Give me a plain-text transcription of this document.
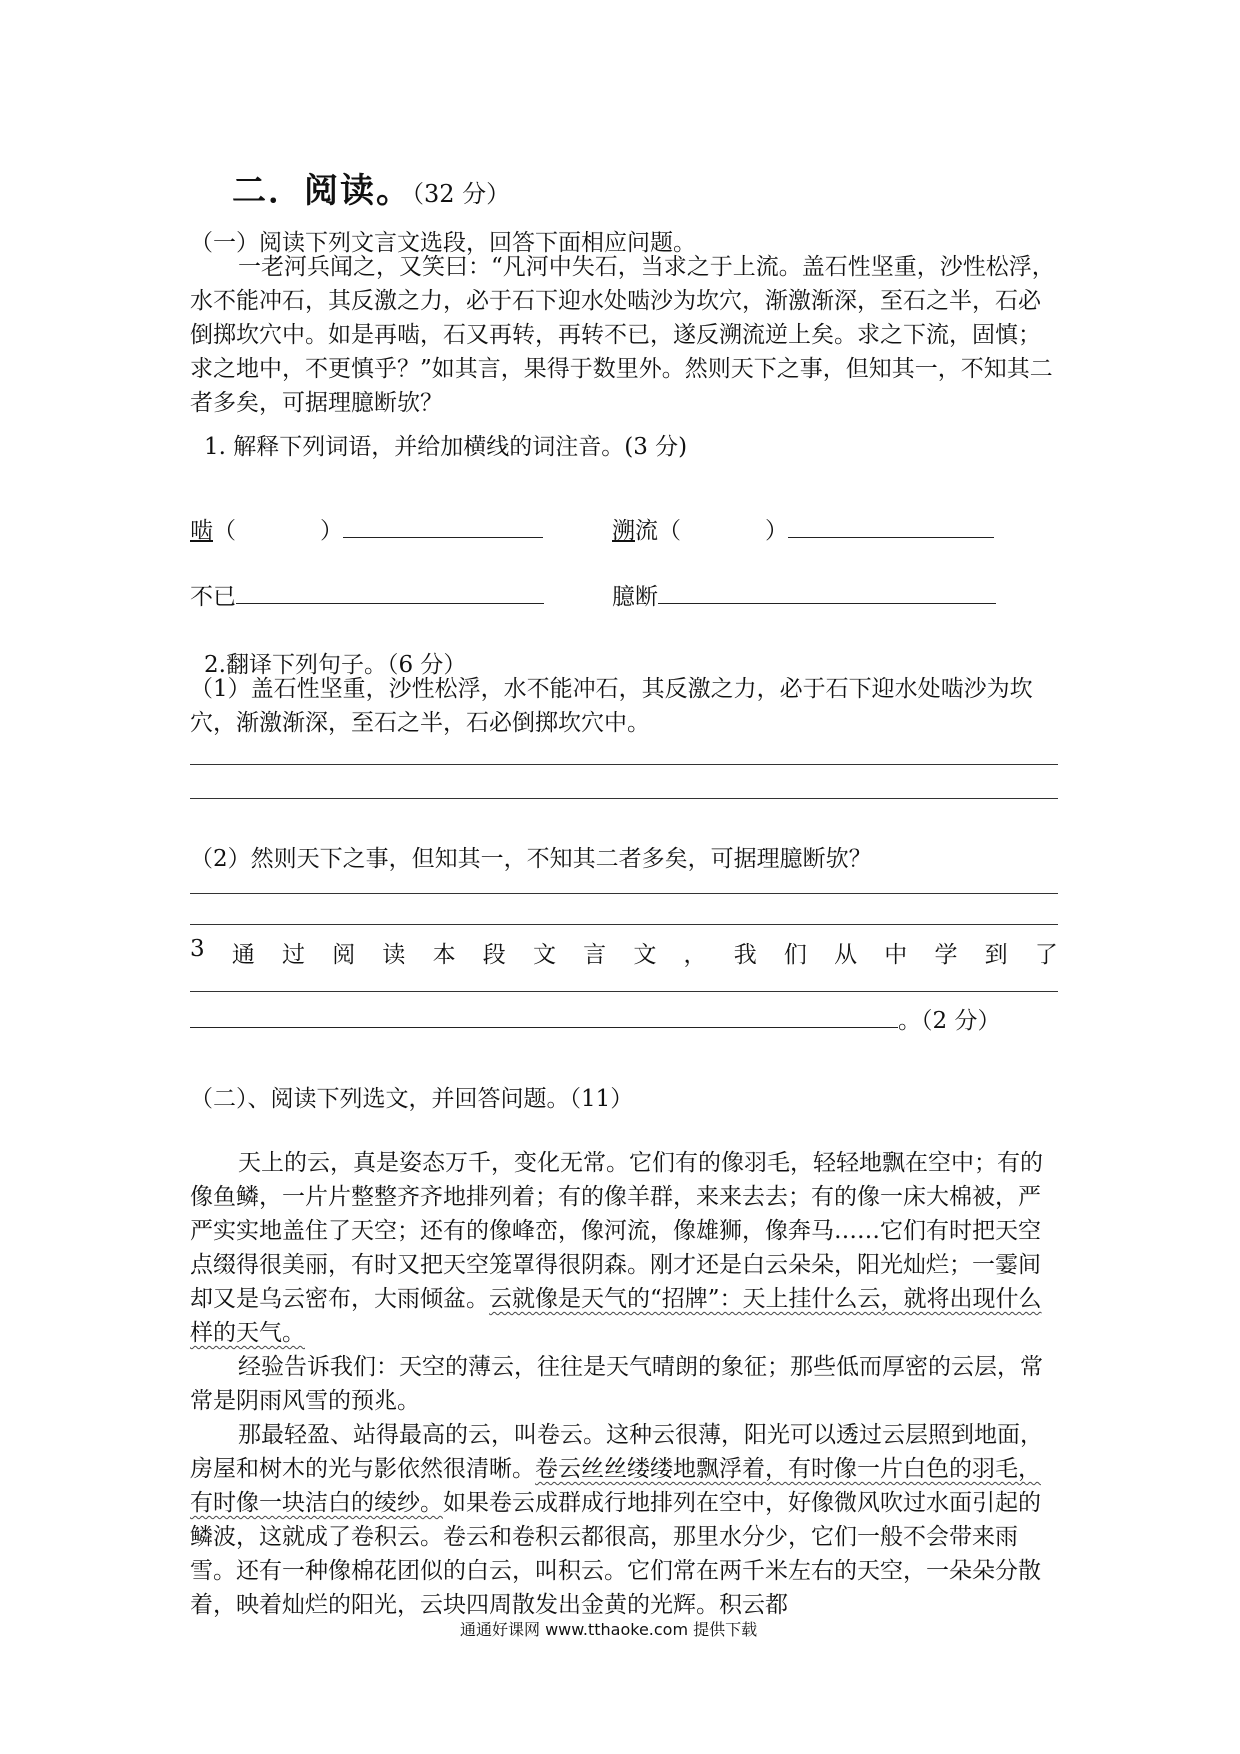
二．阅读。（32 分）
（一）阅读下列文言文选段，回答下面相应问题。

一老河兵闻之，又笑曰：“凡河中失石，当求之于上流。盖石性坚重，沙性松浮，水不能冲石，其反激之力，必于石下迎水处啮沙为坎穴，渐激渐深，至石之半，石必倒掷坎穴中。如是再啮，石又再转，再转不已，遂反溯流逆上矣。求之下流，固慎；求之地中，不更慎乎？”如其言，果得于数里外。然则天下之事，但知其一，不知其二者多矣，可据理臆断欤？

1. 解释下列词语，并给加横线的词注音。(3 分)
啮（	）	溯流（	）
不已	臆断
2.翻译下列句子。（6 分）

（1）盖石性坚重，沙性松浮，水不能冲石，其反激之力，必于石下迎水处啮沙为坎穴，渐激渐深，至石之半，石必倒掷坎穴中。

（2）然则天下之事，但知其一，不知其二者多矣，可据理臆断欤？
3 通 过 阅 读 本 段 文 言 文 ， 我 们 从 中 学 到 了
。（2 分）
（二）、阅读下列选文，并回答问题。（11）

天上的云，真是姿态万千，变化无常。它们有的像羽毛，轻轻地飘在空中；有的像鱼鳞，一片片整整齐齐地排列着；有的像羊群，来来去去；有的像一床大棉被，严严实实地盖住了天空；还有的像峰峦，像河流，像雄狮，像奔马……它们有时把天空点缀得很美丽，有时又把天空笼罩得很阴森。刚才还是白云朵朵，阳光灿烂；一霎间却又是乌云密布，大雨倾盆。云就像是天气的“招牌”：天上挂什么云，就将出现什么样的天气。

经验告诉我们：天空的薄云，往往是天气晴朗的象征；那些低而厚密的云层，常常是阴雨风雪的预兆。

那最轻盈、站得最高的云，叫卷云。这种云很薄，阳光可以透过云层照到地面，房屋和树木的光与影依然很清晰。卷云丝丝缕缕地飘浮着，有时像一片白色的羽毛，有时像一块洁白的绫纱。如果卷云成群成行地排列在空中，好像微风吹过水面引起的鳞波，这就成了卷积云。卷云和卷积云都很高，那里水分少，它们一般不会带来雨雪。还有一种像棉花团似的白云，叫积云。它们常在两千米左右的天空，一朵朵分散着，映着灿烂的阳光，云块四周散发出金黄的光辉。积云都

通通好课网 www.tthaoke.com 提供下载
